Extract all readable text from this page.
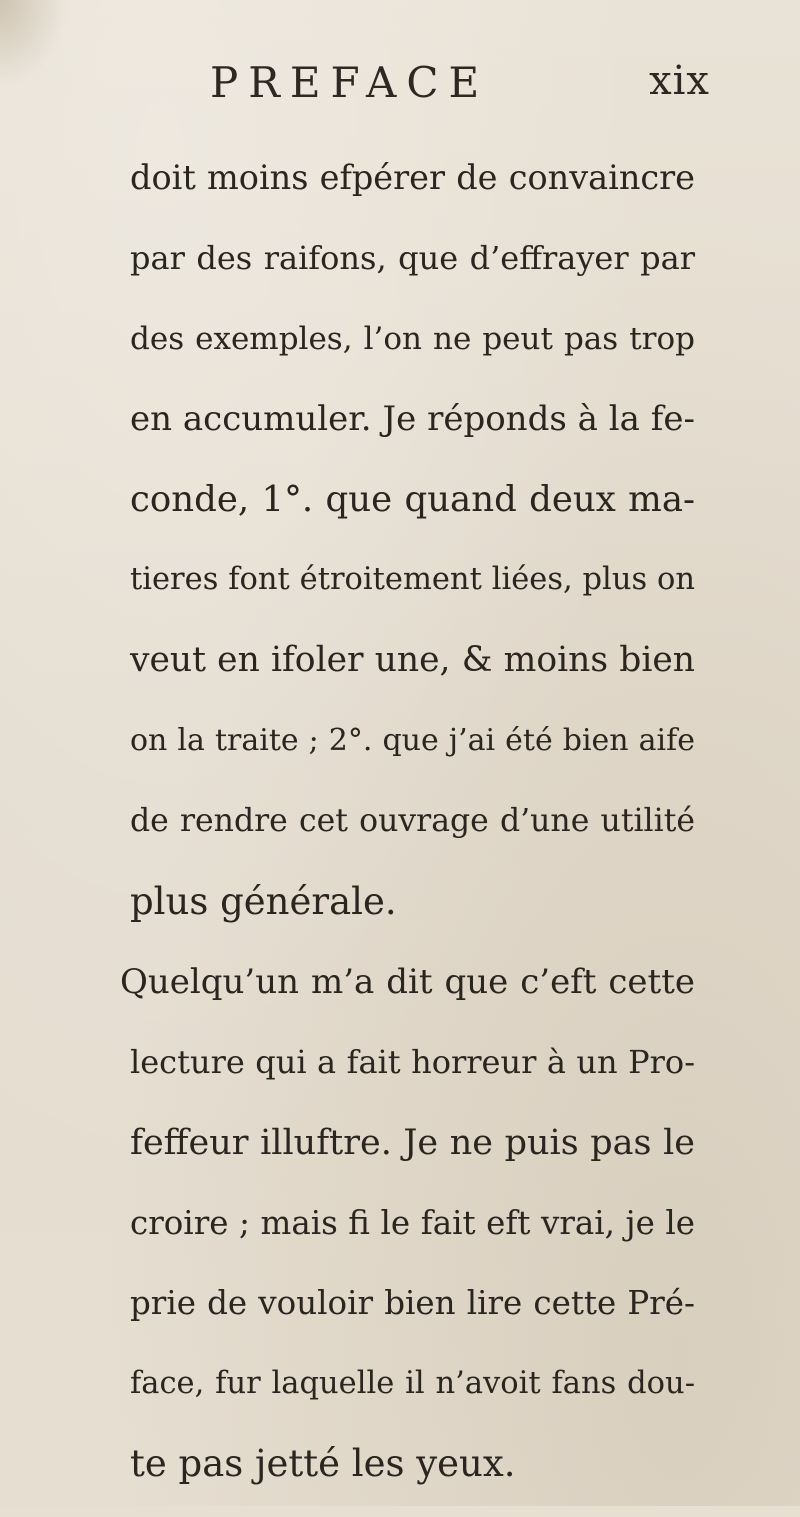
PREFACE	xix
doit moins efpérer de convaincre
par des raifons, que d’effrayer par
des exemples, l’on ne peut pas trop
en accumuler. Je réponds à la fe-
conde, 1°. que quand deux ma-
tieres font étroitement liées, plus on
veut en ifoler une, & moins bien
on la traite ; 2°. que j’ai été bien aife
de rendre cet ouvrage d’une utilité
plus générale.
Quelqu’un m’a dit que c’eft cette
lecture qui a fait horreur à un Pro-
feffeur illuftre. Je ne puis pas le
croire ; mais fi le fait eft vrai, je le
prie de vouloir bien lire cette Pré-
face, fur laquelle il n’avoit fans dou-
te pas jetté les yeux.
